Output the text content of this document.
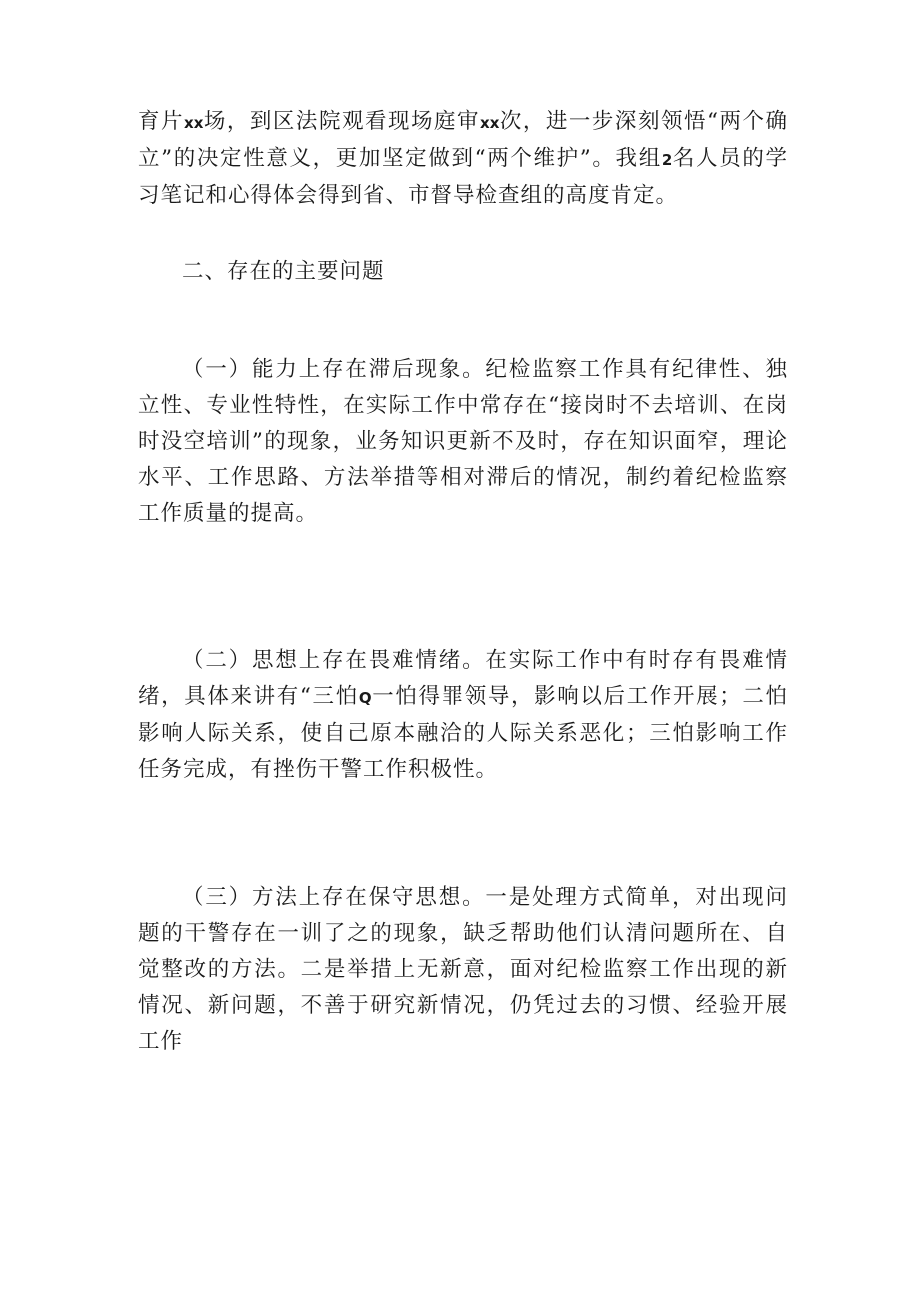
育片xx场，到区法院观看现场庭审xx次，进一步深刻领悟“两个确立”的决定性意义，更加坚定做到“两个维护”。我组2名人员的学习笔记和心得体会得到省、市督导检查组的高度肯定。

二、存在的主要问题

（一）能力上存在滞后现象。纪检监察工作具有纪律性、独立性、专业性特性，在实际工作中常存在“接岗时不去培训、在岗时没空培训”的现象，业务知识更新不及时，存在知识面窄，理论水平、工作思路、方法举措等相对滞后的情况，制约着纪检监察工作质量的提高。

（二）思想上存在畏难情绪。在实际工作中有时存有畏难情绪，具体来讲有“三怕Q一怕得罪领导，影响以后工作开展；二怕影响人际关系，使自己原本融洽的人际关系恶化；三怕影响工作任务完成，有挫伤干警工作积极性。

（三）方法上存在保守思想。一是处理方式简单，对出现问题的干警存在一训了之的现象，缺乏帮助他们认清问题所在、自觉整改的方法。二是举措上无新意，面对纪检监察工作出现的新情况、新问题，不善于研究新情况，仍凭过去的习惯、经验开展工作
